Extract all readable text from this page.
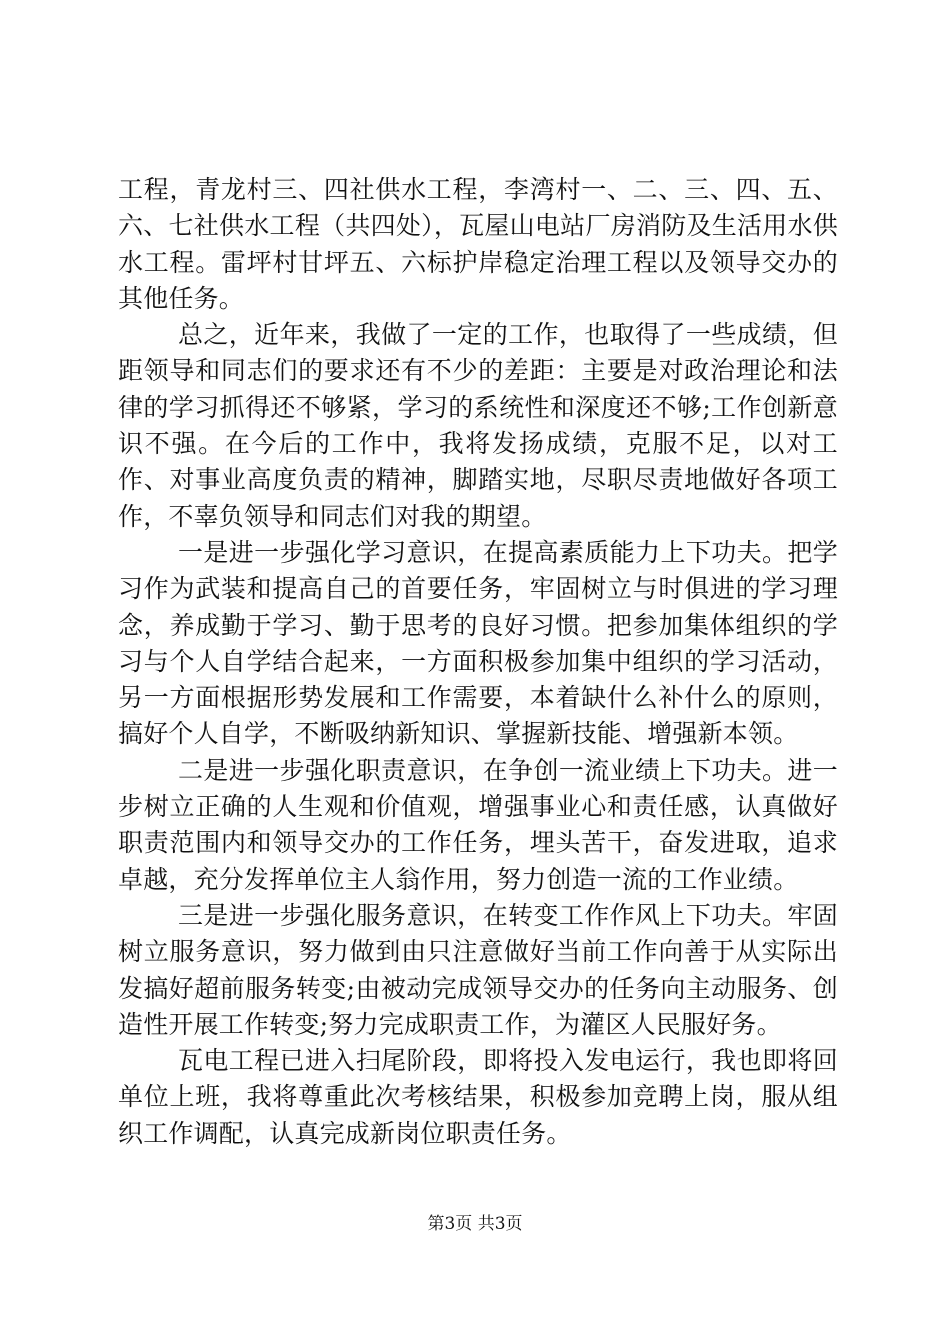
工程，青龙村三、四社供水工程，李湾村一、二、三、四、五、六、七社供水工程（共四处），瓦屋山电站厂房消防及生活用水供水工程。雷坪村甘坪五、六标护岸稳定治理工程以及领导交办的其他任务。

总之，近年来，我做了一定的工作，也取得了一些成绩，但距领导和同志们的要求还有不少的差距：主要是对政治理论和法律的学习抓得还不够紧，学习的系统性和深度还不够;工作创新意识不强。在今后的工作中，我将发扬成绩，克服不足，以对工作、对事业高度负责的精神，脚踏实地，尽职尽责地做好各项工作，不辜负领导和同志们对我的期望。

一是进一步强化学习意识，在提高素质能力上下功夫。把学习作为武装和提高自己的首要任务，牢固树立与时俱进的学习理念，养成勤于学习、勤于思考的良好习惯。把参加集体组织的学习与个人自学结合起来，一方面积极参加集中组织的学习活动，另一方面根据形势发展和工作需要，本着缺什么补什么的原则，搞好个人自学，不断吸纳新知识、掌握新技能、增强新本领。

二是进一步强化职责意识，在争创一流业绩上下功夫。进一步树立正确的人生观和价值观，增强事业心和责任感，认真做好职责范围内和领导交办的工作任务，埋头苦干，奋发进取，追求卓越，充分发挥单位主人翁作用，努力创造一流的工作业绩。

三是进一步强化服务意识，在转变工作作风上下功夫。牢固树立服务意识，努力做到由只注意做好当前工作向善于从实际出发搞好超前服务转变;由被动完成领导交办的任务向主动服务、创造性开展工作转变;努力完成职责工作，为灌区人民服好务。

瓦电工程已进入扫尾阶段，即将投入发电运行，我也即将回单位上班，我将尊重此次考核结果，积极参加竞聘上岗，服从组织工作调配，认真完成新岗位职责任务。

第3页 共3页
